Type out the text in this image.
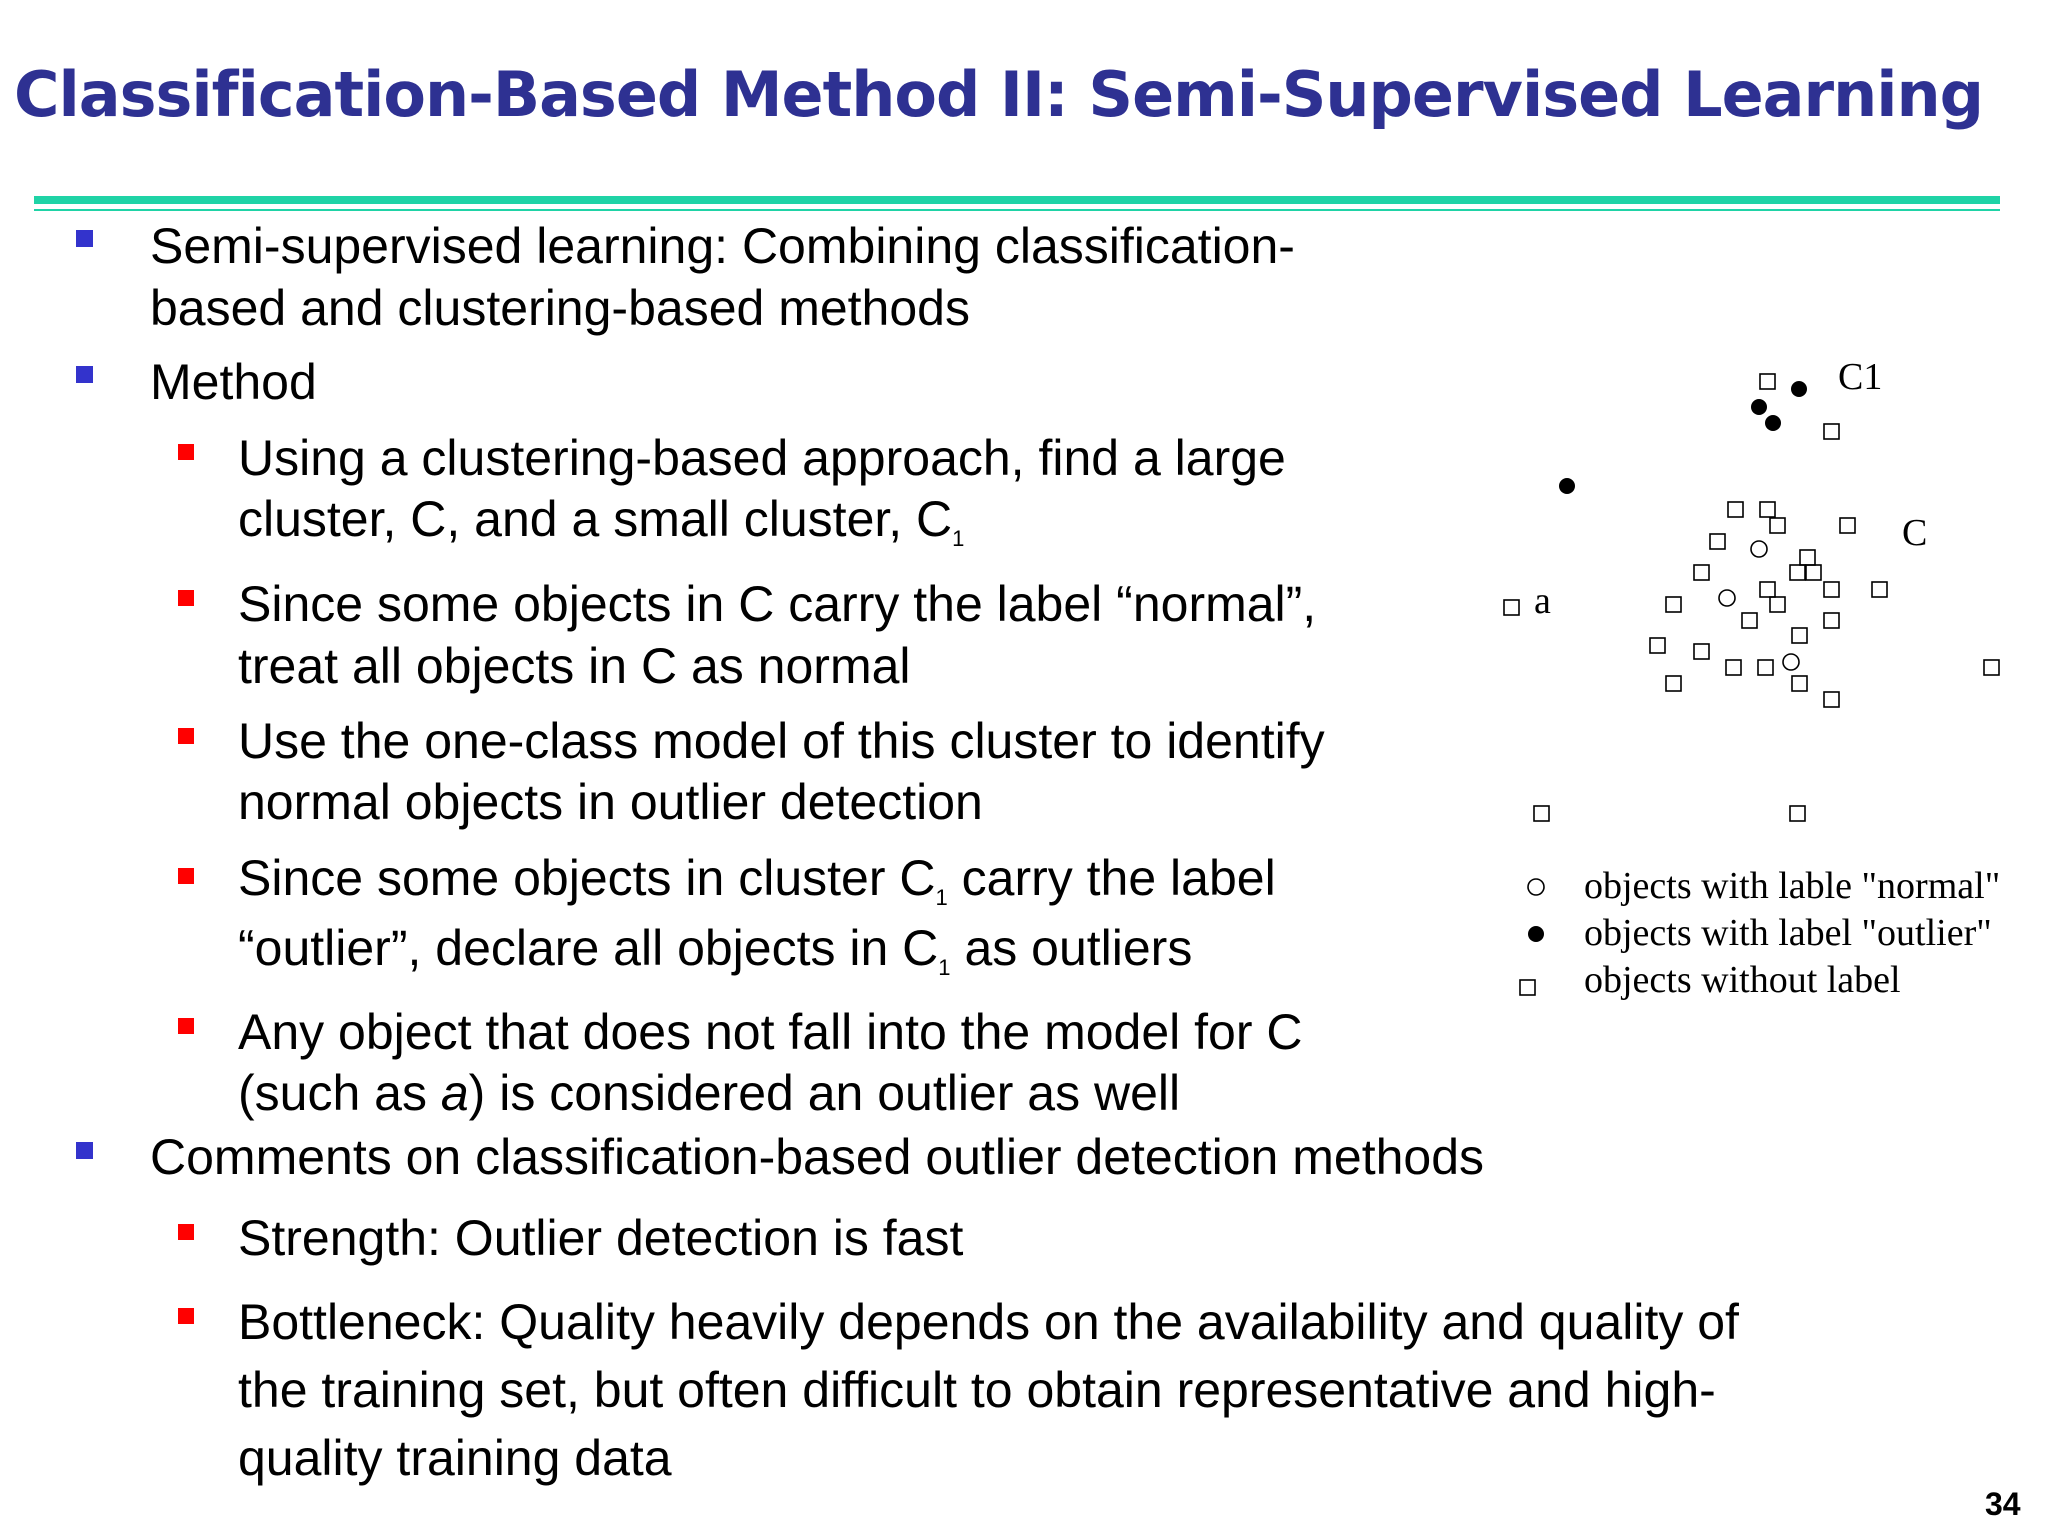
Classification-Based Method II: Semi-Supervised Learning
Semi-supervised learning: Combining classification-
based and clustering-based methods
Method
Using a clustering-based approach, find a large
cluster, C, and a small cluster, $C_1$
Since some objects in C carry the label “normal”,
treat all objects in C as normal
Use the one-class model of this cluster to identify
normal objects in outlier detection
Since some objects in cluster $C_1$ carry the label
“outlier”, declare all objects in $C_1$ as outliers
Any object that does not fall into the model for C
(such as a) is considered an outlier as well
Comments on classification-based outlier detection methods
Strength: Outlier detection is fast
Bottleneck: Quality heavily depends on the availability and quality of
the training set, but often difficult to obtain representative and high-
quality training data
C1
C
a
objects with lable "normal"
objects with label "outlier"
objects without label
34
